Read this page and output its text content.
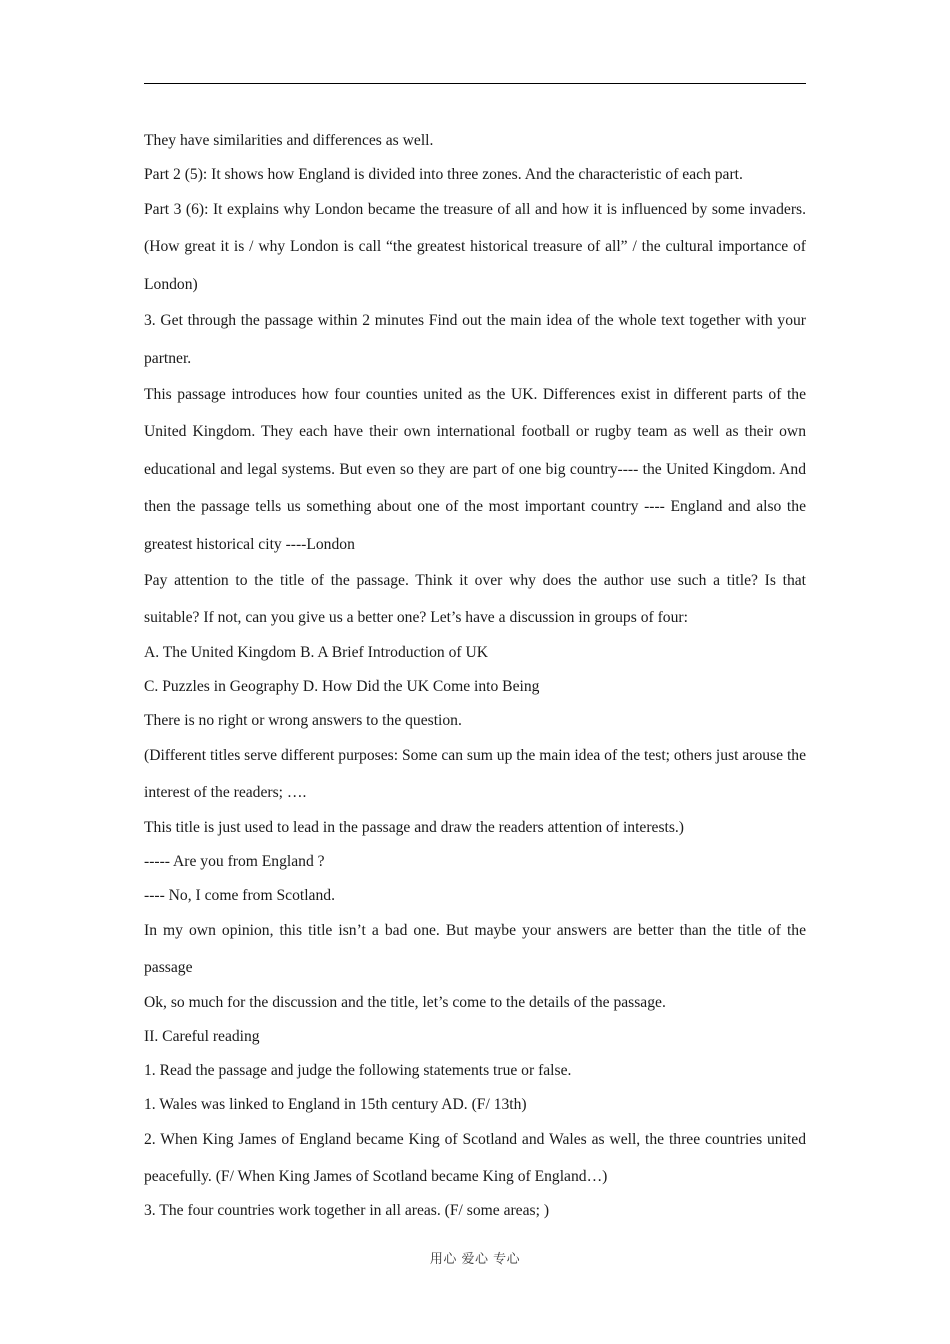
They have similarities and differences as well.

Part 2 (5): It shows how England is divided into three zones. And the characteristic of each part.

Part 3 (6): It explains why London became the treasure of all and how it is influenced by some invaders. (How great it is / why London is call “the greatest historical treasure of all” / the cultural importance of London)

3. Get through the passage within 2 minutes Find out the main idea of the whole text together with your partner.

This passage introduces how four counties united as the UK. Differences exist in different parts of the United Kingdom. They each have their own international football or rugby team as well as their own educational and legal systems. But even so they are part of one big country---- the United Kingdom. And then the passage tells us something about one of the most important country ---- England and also the greatest historical city ----London

Pay attention to the title of the passage. Think it over why does the author use such a title? Is that suitable? If not, can you give us a better one? Let’s have a discussion in groups of four:

A. The United Kingdom B. A Brief Introduction of UK

C. Puzzles in Geography D. How Did the UK Come into Being

There is no right or wrong answers to the question.

(Different titles serve different purposes: Some can sum up the main idea of the test; others just arouse the interest of the readers; ….

This title is just used to lead in the passage and draw the readers attention of interests.)

----- Are you from England ?

---- No, I come from Scotland.

In my own opinion, this title isn’t a bad one. But maybe your answers are better than the title of the passage

Ok, so much for the discussion and the title, let’s come to the details of the passage.

II. Careful reading

1. Read the passage and judge the following statements true or false.

1. Wales was linked to England in 15th century AD. (F/ 13th)

2. When King James of England became King of Scotland and Wales as well, the three countries united peacefully. (F/ When King James of Scotland became King of England…)

3. The four countries work together in all areas. (F/ some areas; )

用心 爱心 专心
